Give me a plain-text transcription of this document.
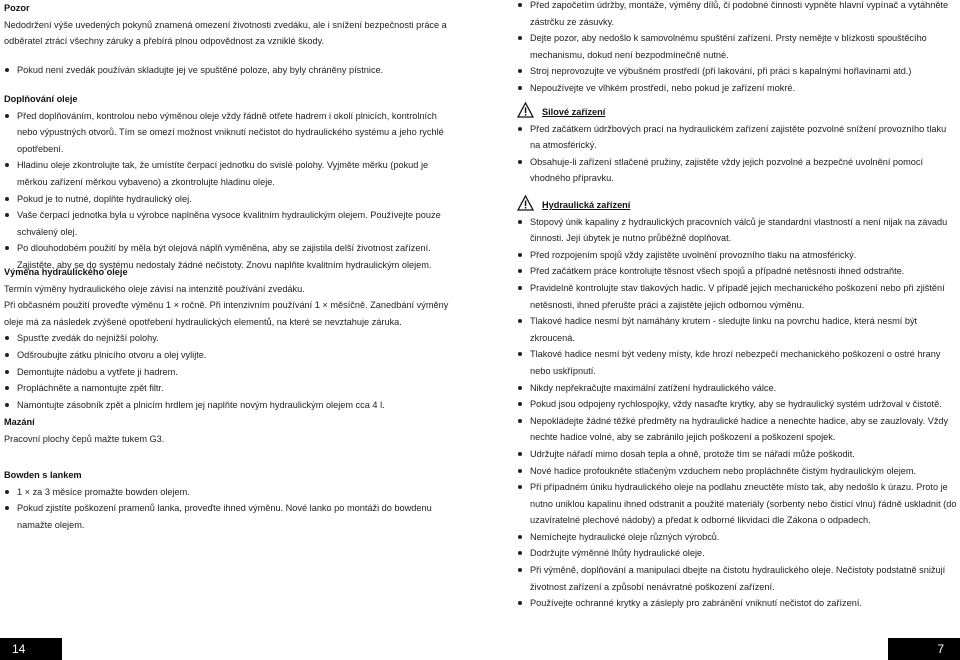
Pozor

Nedodržení výše uvedených pokynů znamená omezení životnosti zvedáku, ale i snížení bezpečnosti práce a odběratel ztrácí všechny záruky a přebírá plnou odpovědnost za vzniklé škody.

Pokud není zvedák používán skladujte jej ve spuštěné poloze, aby byly chráněny pístnice.

Doplňování oleje

Před doplňováním, kontrolou nebo výměnou oleje vždy řádně otřete hadrem i okolí plnicích, kontrolních nebo výpustných otvorů. Tím se omezí možnost vniknutí nečistot do hydraulického systému a jeho rychlé opotřebení.
Hladinu oleje zkontrolujte tak, že umístíte čerpací jednotku do svislé polohy. Vyjměte měrku (pokud je měrkou zařízení měrkou vybaveno) a zkontrolujte hladinu oleje.
Pokud je to nutné, doplňte hydraulický olej.
Vaše čerpací jednotka byla u výrobce naplněna vysoce kvalitním hydraulickým olejem. Používejte pouze schválený olej.
Po dlouhodobém použití by měla být olejová náplň vyměněna, aby se zajistila delší životnost zařízení. Zajistěte, aby se do systému nedostaly žádné nečistoty. Znovu naplňte kvalitním hydraulickým olejem.

Výměna hydraulického oleje

Termín výměny hydraulického oleje závisí na intenzitě používání zvedáku.

Při občasném použití proveďte výměnu 1 × ročně. Při intenzivním používání 1 × měsíčně. Zanedbání výměny oleje má za následek zvýšené opotřebení hydraulických elementů, na které se nevztahuje záruka.

Spusťte zvedák do nejnižší polohy.
Odšroubujte zátku plnicího otvoru a olej vylijte.
Demontujte nádobu a vytřete ji hadrem.
Propláchněte a namontujte zpět filtr.
Namontujte zásobník zpět a plnicím hrdlem jej naplňte novým hydraulickým olejem cca 4 l.

Mazání

Pracovní plochy čepů mažte tukem G3.

Bowden s lankem

1 × za 3 měsíce promažte bowden olejem.
Pokud zjistíte poškození pramenů lanka, proveďte ihned výměnu. Nové lanko po montáži do bowdenu namažte olejem.
Před započetím údržby, montáže, výměny dílů, či podobné činnosti vypněte hlavní vypínač a vytáhněte zástrčku ze zásuvky.
Dejte pozor, aby nedošlo k samovolnému spuštění zařízení. Prsty nemějte v blízkosti spouštěcího mechanismu, dokud není bezpodmínečně nutné.
Stroj neprovozujte ve výbušném prostředí (při lakování, při práci s kapalnými hořlavinami atd.)
Nepoužívejte ve vlhkém prostředí, nebo pokud je zařízení mokré.

Silové zařízení

Před začátkem údržbových prací na hydraulickém zařízení zajistěte pozvolné snížení provozního tlaku na atmosférický.
Obsahuje-li zařízení stlačené pružiny, zajistěte vždy jejich pozvolné a bezpečné uvolnění pomocí vhodného přípravku.

Hydraulická zařízení

Stopový únik kapaliny z hydraulických pracovních válců je standardní vlastností a není nijak na závadu činnosti. Její úbytek je nutno průběžně doplňovat.
Před rozpojením spojů vždy zajistěte uvolnění provozního tlaku na atmosférický.
Před začátkem práce kontrolujte těsnost všech spojů a případné netěsnosti ihned odstraňte.
Pravidelně kontrolujte stav tlakových hadic. V případě jejich mechanického poškození nebo při zjištění netěsnosti, ihned přerušte práci a zajistěte jejich odbornou výměnu.
Tlakové hadice nesmí být namáhány krutem - sledujte linku na povrchu hadice, která nesmí být zkroucená.
Tlakové hadice nesmí být vedeny místy, kde hrozí nebezpečí mechanického poškození o ostré hrany nebo uskřípnutí.
Nikdy nepřekračujte maximální zatížení hydraulického válce.
Pokud jsou odpojeny rychlospojky, vždy nasaďte krytky, aby se hydraulický systém udržoval v čistotě.
Nepokládejte žádné těžké předměty na hydraulické hadice a nenechte hadice, aby se zauzlovaly. Vždy nechte hadice volné, aby se zabránilo jejich poškození a poškození spojek.
Udržujte nářadí mimo dosah tepla a ohně, protože tím se nářadí může poškodit.
Nové hadice profoukněte stlačeným vzduchem nebo propláchněte čistým hydraulickým olejem.
Při případném úniku hydraulického oleje na podlahu zneuctěte místo tak, aby nedošlo k úrazu. Proto je nutno uniklou kapalinu ihned odstranit a použité materiály (sorbenty nebo čisticí vlnu) řádně uskladnit (do uzavíratelné plechové nádoby) a předat k odborné likvidaci dle Zákona o odpadech.
Nemíchejte hydraulické oleje různých výrobců.
Dodržujte výměnné lhůty hydraulické oleje.
Při výměně, doplňování a manipulaci dbejte na čistotu hydraulického oleje. Nečistoty podstatně snižují životnost zařízení a způsobí nenávratné poškození zařízení.
Používejte ochranné krytky a zásleply pro zabránění vniknutí nečistot do zařízení.
14	7
